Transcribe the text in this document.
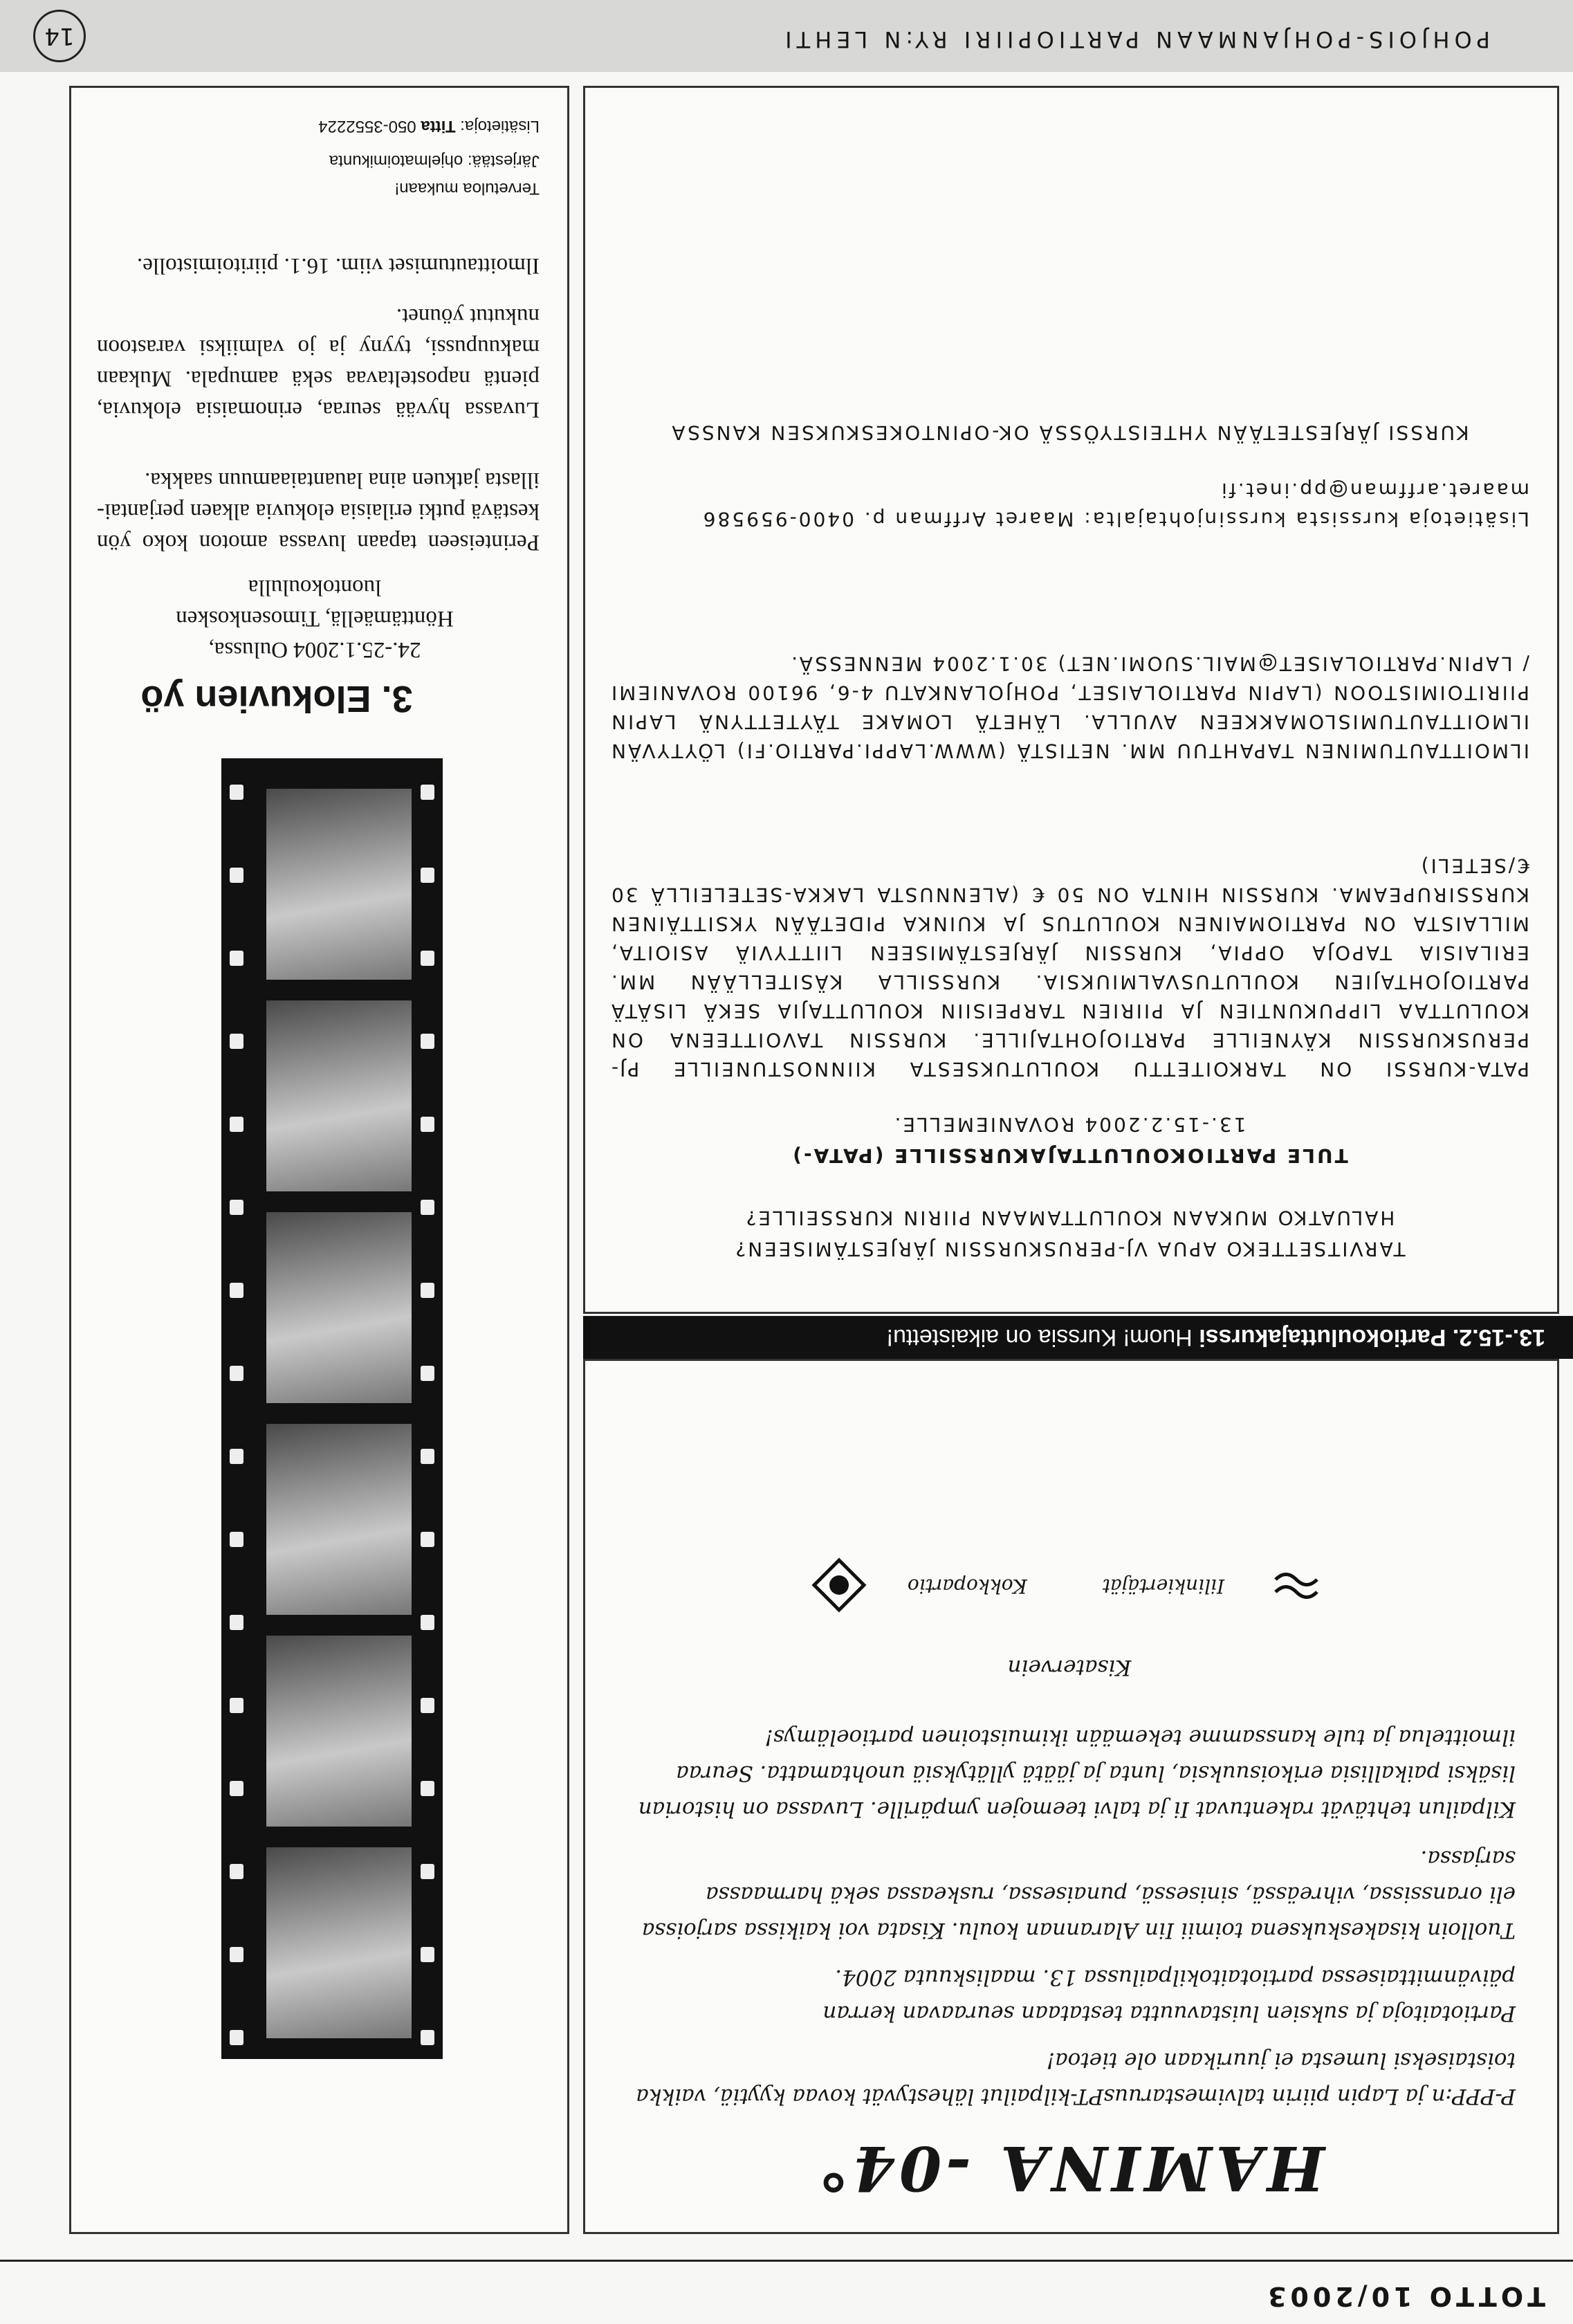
TOTTO 10/2003
3. Elokuvien yö
24.-25.1.2004 Oulussa,
Hönttämäellä, Timosenkosken
luontokoululla
Perinteiseen tapaan luvassa amoton koko yön kestävä putki erilaisia elokuvia alkaen perjantai-illasta jatkuen aina lauantaiaamuun saakka.
Luvassa hyvää seuraa, erinomaisia elokuvia, pientä naposteltavaa sekä aamupala. Mukaan makuupussi, tyyny ja jo valmiiksi varastoon nukutut yöunet.
Ilmoittautumiset viim. 16.1. piiritoimistolle.
Tervetuloa mukaan!
Järjestää: ohjelmatoimikunta
Lisätietoja: Titta 050-3552224
HAMINA -04°
P-PPP:n ja Lapin piirin talvimestaruusPT-kilpailut lähestyvät kovaa kyytiä, vaikka toistaiseksi lumesta ei juurikaan ole tietoa!
Partiotaitoja ja suksien luistavuutta testataan seuraavan kerran päivänmittaisessa partiotaitokilpailussa 13. maaliskuuta 2004.
Tuolloin kisakeskuksena toimii Iin Alarannan koulu. Kisata voi kaikissa sarjoissa eli oranssissa, vihreässä, sinisessä, punaisessa, ruskeassa sekä harmaassa sarjassa.
Kilpailun tehtävät rakentuvat Ii ja talvi teemojen ympärille. Luvassa on historian lisäksi paikallisia erikoisuuksia, lunta ja jäätä yllätyksiä unohtamatta. Seuraa ilmoittelua ja tule kanssamme tekemään ikimuistoinen partioelämys!
Kisatervein
Iilinkiertäjät Kokkopartio
13.-15.2. Partiokouluttajakurssi Huom! Kurssia on aikaistettu!
TARVITSETTEKO APUA VJ-PERUSKURSSIN JÄRJESTÄMISEEN?
HALUATKO MUKAAN KOULUTTAMAAN PIIRIN KURSSEILLE?
TULE PARTIOKOULUTTAJAKURSSILLE (PATA-)
13.-15.2.2004 ROVANIEMELLE.
PATA-KURSSI ON TARKOITETTU KOULUTUKSESTA KIINNOSTUNEILLE PJ-PERUSKURSSIN KÄYNEILLE PARTIOJOHTAJILLE. KURSSIN TAVOITTEENA ON KOULUTTAA LIPPUKUNTIEN JA PIIRIEN TARPEISIIN KOULUTTAJIA SEKÄ LISÄTÄ PARTIOJOHTAJIEN KOULUTUSVALMIUKSIA. KURSSILLA KÄSITELLÄÄN MM. ERILAISIA TAPOJA OPPIA, KURSSIN JÄRJESTÄMISEEN LIITTYVIÄ ASIOITA, MILLAISTA ON PARTIOMAINEN KOULUTUS JA KUINKA PIDETÄÄN YKSITTÄINEN KURSSIRUPEAMA. KURSSIN HINTA ON 50 € (ALENNUSTA LAKKA-SETELEILLÄ 30 €/SETELI)
ILMOITTAUTUMINEN TAPAHTUU MM. NETISTÄ (WWW.LAPPI.PARTIO.FI) LÖYTYVÄN ILMOITTAUTUMISLOMAKKEEN AVULLA. LÄHETÄ LOMAKE TÄYTETTYNÄ LAPIN PIIRITOIMISTOON (LAPIN PARTIOLAISET, POHJOLANKATU 4-6, 96100 ROVANIEMI / LAPIN.PARTIOLAISET@MAIL.SUOMI.NET) 30.1.2004 MENNESSÄ.
Lisätietoja kurssista kurssinjohtajalta: Maaret Arffman p. 0400-959586 maaret.arffman@pp.inet.fi
KURSSI JÄRJESTETÄÄN YHTEISTYÖSSÄ OK-OPINTOKESKUKSEN KANSSA
POHJOIS-POHJANMAAN PARTIOPIIRI RY:N LEHTI
14
